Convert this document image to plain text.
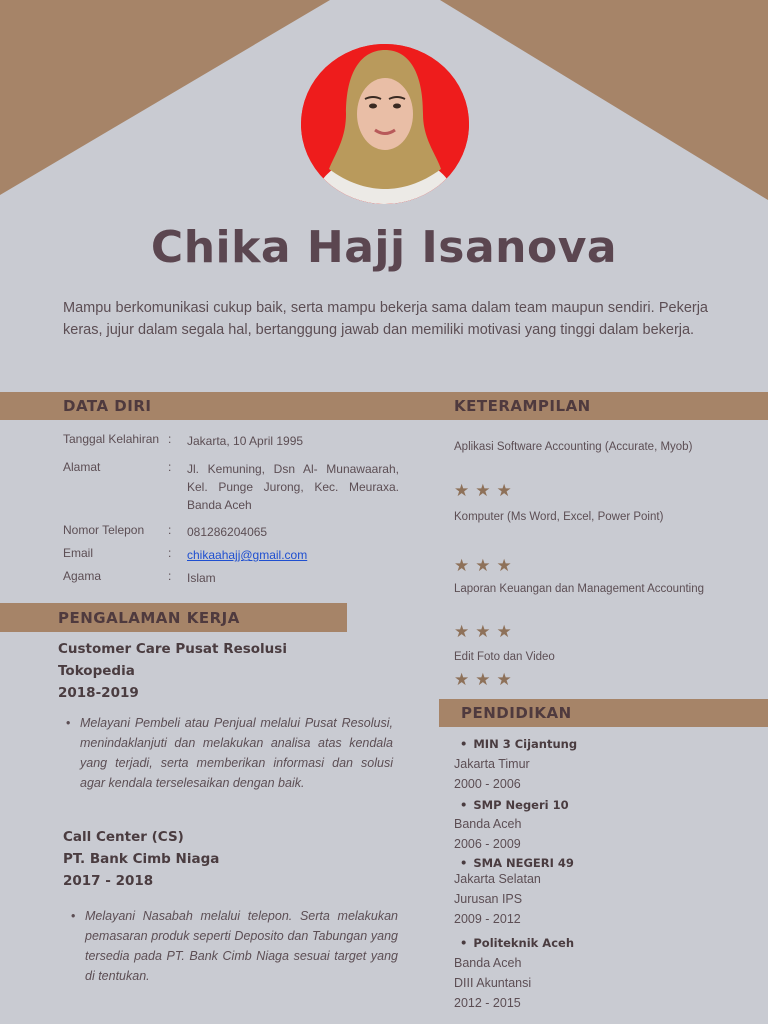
Chika Hajj Isanova

Mampu berkomunikasi cukup baik, serta mampu bekerja sama dalam team maupun sendiri. Pekerja keras, jujur dalam segala hal, bertanggung jawab dan memiliki motivasi yang tinggi dalam bekerja.

DATA DIRI	KETERAMPILAN
Tanggal Kelahiran : Jakarta, 10 April 1995
Alamat	: Jl. Kemuning, Dsn Al- Munawaarah, Kel. Punge Jurong, Kec. Meuraxa. Banda Aceh
Nomor Telepon : 081286204065
Email	: chikaahajj@gmail.com
Agama	: Islam
Aplikasi Software Accounting (Accurate, Myob)
★★★
Komputer (Ms Word, Excel, Power Point)
★★★
Laporan Keuangan dan Management Accounting
★★★
Edit Foto dan Video
★★★
PENGALAMAN KERJA
Customer Care Pusat Resolusi
Tokopedia
2018-2019
• Melayani Pembeli atau Penjual melalui Pusat Resolusi, menindaklanjuti dan melakukan analisa atas kendala yang terjadi, serta memberikan informasi dan solusi agar kendala terselesaikan dengan baik.
Call Center (CS)
PT. Bank Cimb Niaga
2017 - 2018
• Melayani Nasabah melalui telepon. Serta melakukan pemasaran produk seperti Deposito dan Tabungan yang tersedia pada PT. Bank Cimb Niaga sesuai target yang di tentukan.
PENDIDIKAN
• MIN 3 Cijantung
Jakarta Timur
2000 - 2006
• SMP Negeri 10
Banda Aceh
2006 - 2009
• SMA NEGERI 49
Jakarta Selatan
Jurusan IPS
2009 - 2012
• Politeknik Aceh
Banda Aceh
DIII Akuntansi
2012 - 2015
